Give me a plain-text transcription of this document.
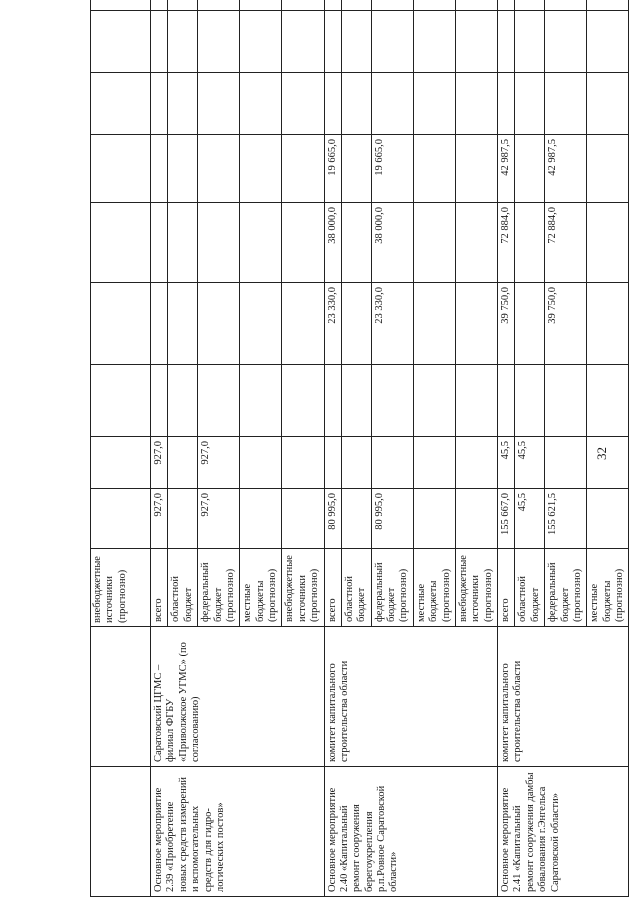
32

Основное мероприятие 2.39 «Приобретение новых средств измерений и вспомогательных средств для гидро-логических постов»	Саратовский ЦГМС – филиал ФГБУ «Приволжское УГМС» (по согласованию)	всего	927,0	927,0							
		областной бюджет									
		федеральный бюджет (прогнозно)	927,0	927,0							
		местные бюджеты (прогнозно)									
		внебюджетные источники (прогнозно)									
Основное мероприятие 2.40 «Капитальный ремонт сооружения берегоукрепления р.п.Ровное Саратовской области»	комитет капитального строительства области	всего	80 995,0			23 330,0	38 000,0	19 665,0			
		областной бюджет									
		федеральный бюджет (прогнозно)	80 995,0			23 330,0	38 000,0	19 665,0			
		местные бюджеты (прогнозно)									
		внебюджетные источники (прогнозно)									
Основное мероприятие 2.41 «Капитальный ремонт сооружения дамбы обвалования г.Энгельса Саратовской области»	комитет капитального строительства области	всего	155 667,0	45,5		39 750,0	72 884,0	42 987,5			
		областной бюджет	45,5	45,5							
		федеральный бюджет (прогнозно)	155 621,5			39 750,0	72 884,0	42 987,5			
		местные бюджеты (прогнозно)									
внебюджетные источники (прогнозно)
